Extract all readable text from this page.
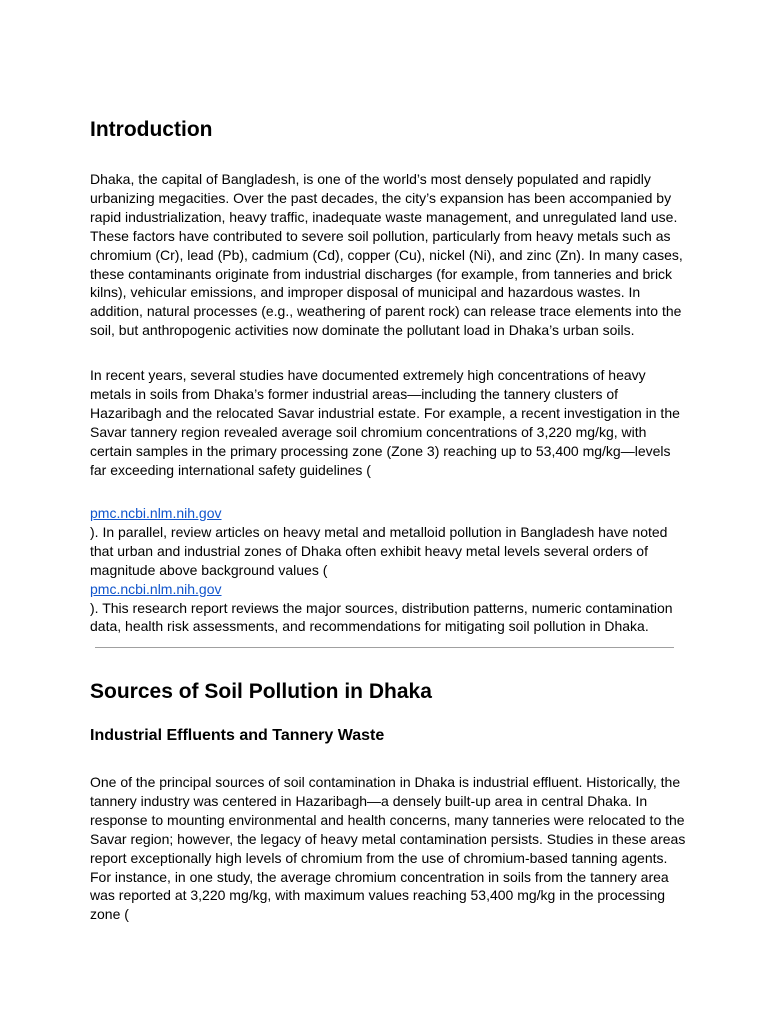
Introduction

Dhaka, the capital of Bangladesh, is one of the world’s most densely populated and rapidly
urbanizing megacities. Over the past decades, the city’s expansion has been accompanied by
rapid industrialization, heavy traffic, inadequate waste management, and unregulated land use.
These factors have contributed to severe soil pollution, particularly from heavy metals such as
chromium (Cr), lead (Pb), cadmium (Cd), copper (Cu), nickel (Ni), and zinc (Zn). In many cases,
these contaminants originate from industrial discharges (for example, from tanneries and brick
kilns), vehicular emissions, and improper disposal of municipal and hazardous wastes. In
addition, natural processes (e.g., weathering of parent rock) can release trace elements into the
soil, but anthropogenic activities now dominate the pollutant load in Dhaka’s urban soils.

In recent years, several studies have documented extremely high concentrations of heavy
metals in soils from Dhaka’s former industrial areas—including the tannery clusters of
Hazaribagh and the relocated Savar industrial estate. For example, a recent investigation in the
Savar tannery region revealed average soil chromium concentrations of 3,220 mg/kg, with
certain samples in the primary processing zone (Zone 3) reaching up to 53,400 mg/kg—levels
far exceeding international safety guidelines (

pmc.ncbi.nlm.nih.gov
). In parallel, review articles on heavy metal and metalloid pollution in Bangladesh have noted
that urban and industrial zones of Dhaka often exhibit heavy metal levels several orders of
magnitude above background values (
pmc.ncbi.nlm.nih.gov
). This research report reviews the major sources, distribution patterns, numeric contamination
data, health risk assessments, and recommendations for mitigating soil pollution in Dhaka.

Sources of Soil Pollution in Dhaka
Industrial Effluents and Tannery Waste

One of the principal sources of soil contamination in Dhaka is industrial effluent. Historically, the
tannery industry was centered in Hazaribagh—a densely built-up area in central Dhaka. In
response to mounting environmental and health concerns, many tanneries were relocated to the
Savar region; however, the legacy of heavy metal contamination persists. Studies in these areas
report exceptionally high levels of chromium from the use of chromium-based tanning agents.
For instance, in one study, the average chromium concentration in soils from the tannery area
was reported at 3,220 mg/kg, with maximum values reaching 53,400 mg/kg in the processing
zone (
